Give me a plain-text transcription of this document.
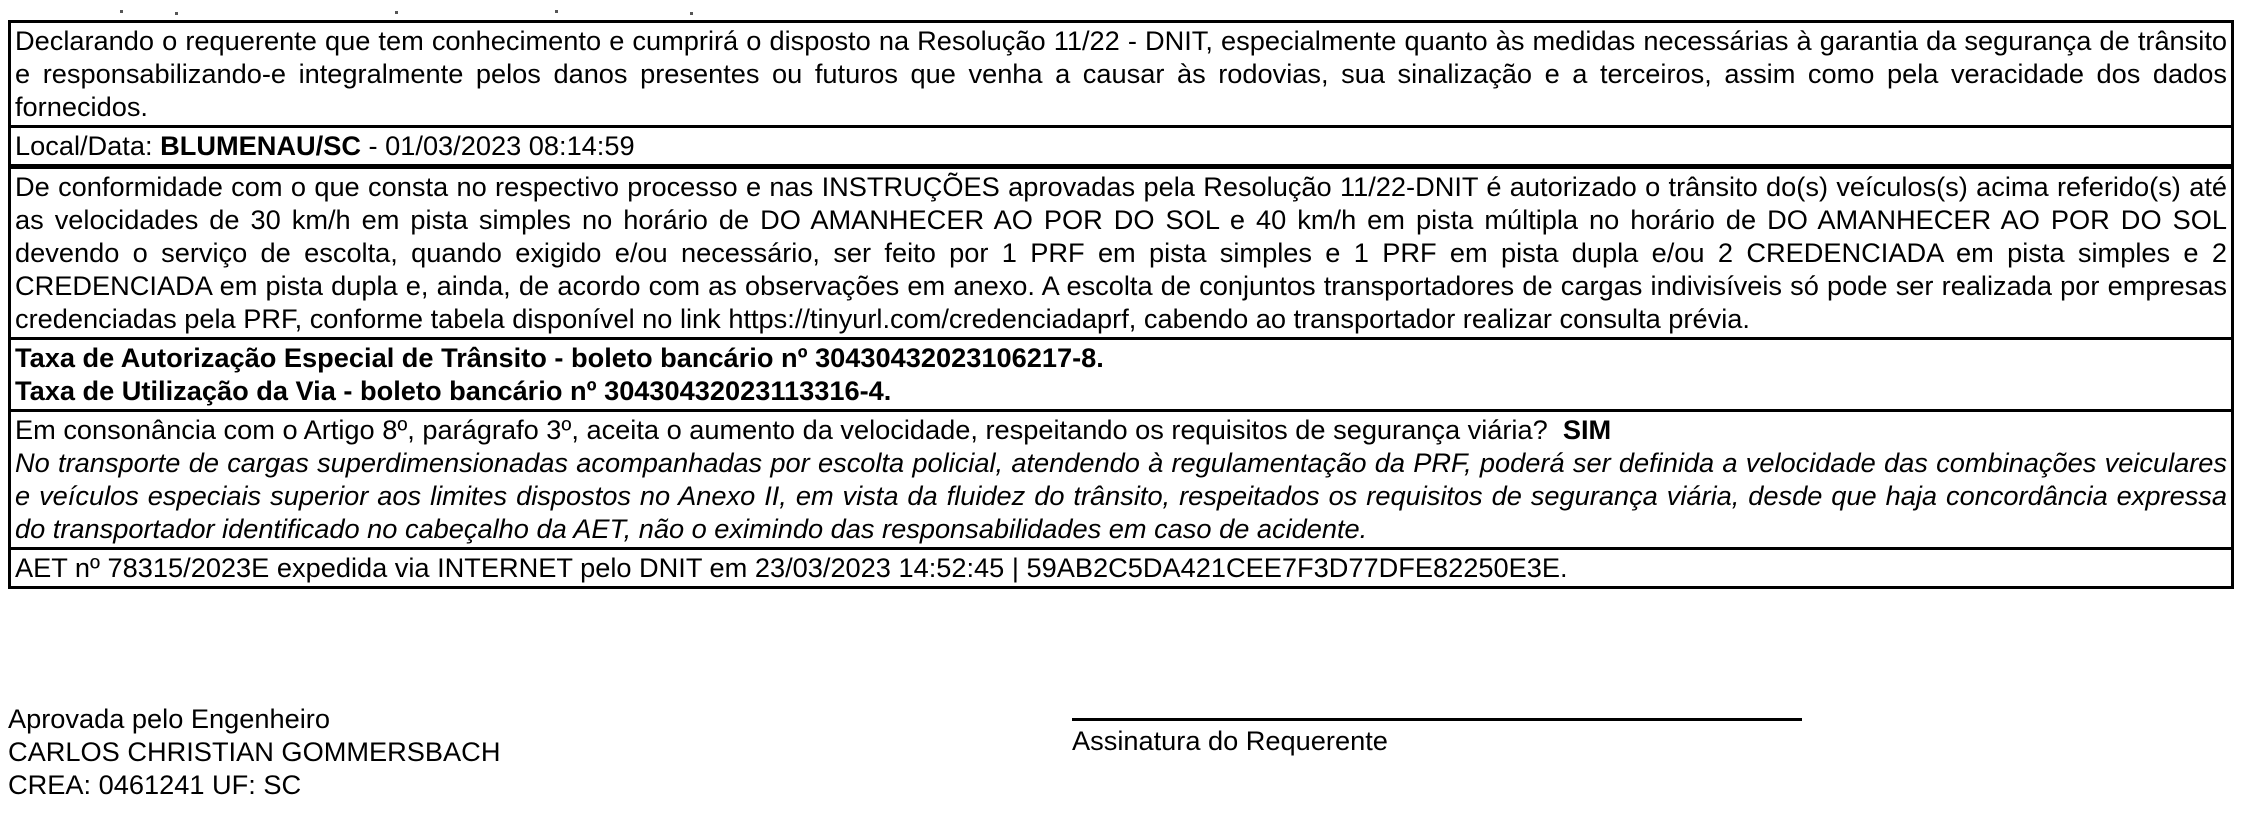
Declarando o requerente que tem conhecimento e cumprirá o disposto na Resolução 11/22 - DNIT, especialmente quanto às medidas necessárias à garantia da segurança de trânsito e responsabilizando-e integralmente pelos danos presentes ou futuros que venha a causar às rodovias, sua sinalização e a terceiros, assim como pela veracidade dos dados fornecidos.

Local/Data: BLUMENAU/SC - 01/03/2023 08:14:59

De conformidade com o que consta no respectivo processo e nas INSTRUÇÕES aprovadas pela Resolução 11/22-DNIT é autorizado o trânsito do(s) veículos(s) acima referido(s) até as velocidades de 30 km/h em pista simples no horário de DO AMANHECER AO POR DO SOL e 40 km/h em pista múltipla no horário de DO AMANHECER AO POR DO SOL devendo o serviço de escolta, quando exigido e/ou necessário, ser feito por 1 PRF em pista simples e 1 PRF em pista dupla e/ou 2 CREDENCIADA em pista simples e 2 CREDENCIADA em pista dupla e, ainda, de acordo com as observações em anexo. A escolta de conjuntos transportadores de cargas indivisíveis só pode ser realizada por empresas credenciadas pela PRF, conforme tabela disponível no link https://tinyurl.com/credenciadaprf, cabendo ao transportador realizar consulta prévia.

Taxa de Autorização Especial de Trânsito - boleto bancário nº 30430432023106217-8.

Taxa de Utilização da Via - boleto bancário nº 30430432023113316-4.

Em consonância com o Artigo 8º, parágrafo 3º, aceita o aumento da velocidade, respeitando os requisitos de segurança viária? SIM

No transporte de cargas superdimensionadas acompanhadas por escolta policial, atendendo à regulamentação da PRF, poderá ser definida a velocidade das combinações veiculares e veículos especiais superior aos limites dispostos no Anexo II, em vista da fluidez do trânsito, respeitados os requisitos de segurança viária, desde que haja concordância expressa do transportador identificado no cabeçalho da AET, não o eximindo das responsabilidades em caso de acidente.

AET nº 78315/2023E expedida via INTERNET pelo DNIT em 23/03/2023 14:52:45 | 59AB2C5DA421CEE7F3D77DFE82250E3E.

Aprovada pelo Engenheiro
CARLOS CHRISTIAN GOMMERSBACH
CREA: 0461241 UF: SC
Assinatura do Requerente
